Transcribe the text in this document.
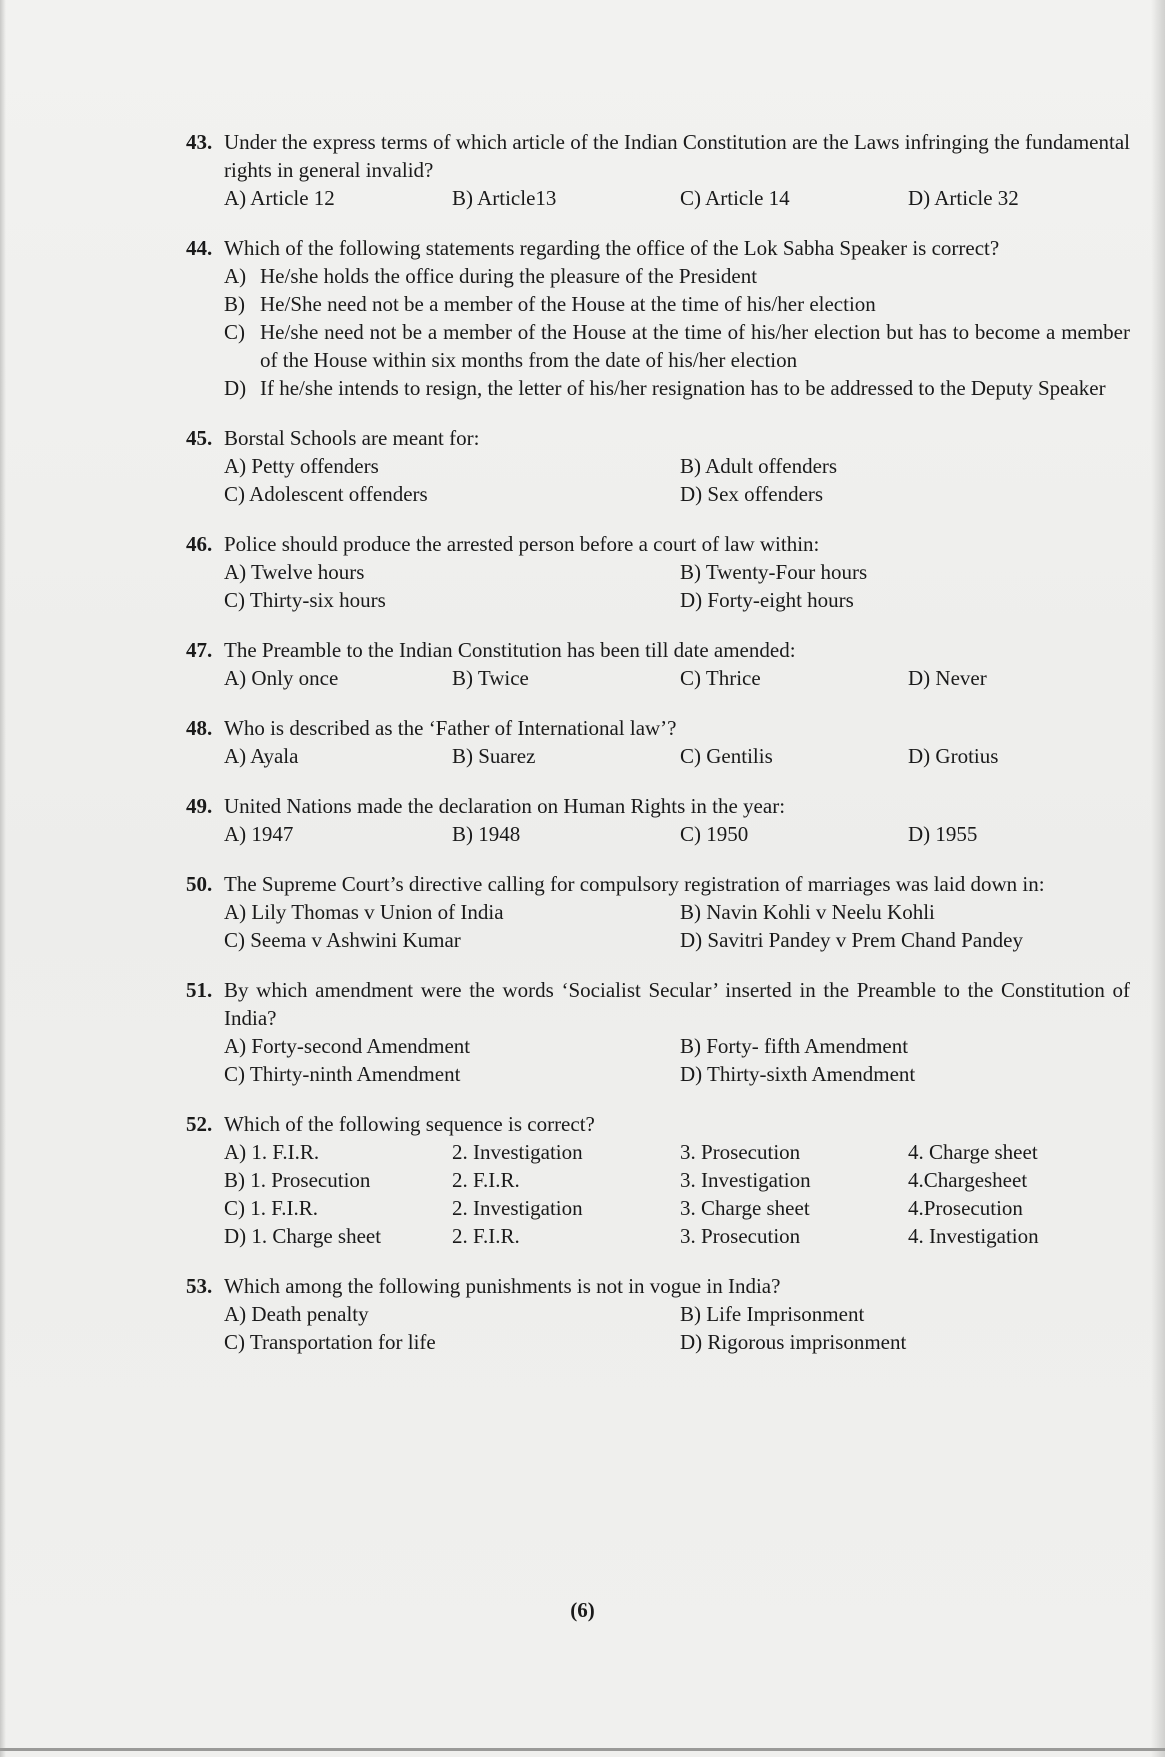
43. Under the express terms of which article of the Indian Constitution are the Laws infringing the fundamental rights in general invalid?
A) Article 12	B) Article13	C) Article 14	D) Article 32
44. Which of the following statements regarding the office of the Lok Sabha Speaker is correct?
A) He/she holds the office during the pleasure of the President
B) He/She need not be a member of the House at the time of his/her election
C) He/she need not be a member of the House at the time of his/her election but has to become a member of the House within six months from the date of his/her election
D) If he/she intends to resign, the letter of his/her resignation has to be addressed to the Deputy Speaker
45. Borstal Schools are meant for:
A) Petty offenders	B) Adult offenders
C) Adolescent offenders	D) Sex offenders
46. Police should produce the arrested person before a court of law within:
A) Twelve hours	B) Twenty-Four hours
C) Thirty-six hours	D) Forty-eight hours
47. The Preamble to the Indian Constitution has been till date amended:
A) Only once	B) Twice	C) Thrice	D) Never
48. Who is described as the ‘Father of International law’?
A) Ayala	B) Suarez	C) Gentilis	D) Grotius
49. United Nations made the declaration on Human Rights in the year:
A) 1947	B) 1948	C) 1950	D) 1955
50. The Supreme Court’s directive calling for compulsory registration of marriages was laid down in:
A) Lily Thomas v Union of India	B) Navin Kohli v Neelu Kohli
C) Seema v Ashwini Kumar	D) Savitri Pandey v Prem Chand Pandey
51. By which amendment were the words ‘Socialist Secular’ inserted in the Preamble to the Constitution of India?
A) Forty-second Amendment	B) Forty- fifth Amendment
C) Thirty-ninth Amendment	D) Thirty-sixth Amendment
52. Which of the following sequence is correct?
A) 1. F.I.R.	2. Investigation	3. Prosecution	4. Charge sheet
B) 1. Prosecution	2. F.I.R.	3. Investigation	4.Chargesheet
C) 1. F.I.R.	2. Investigation	3. Charge sheet	4.Prosecution
D) 1. Charge sheet	2. F.I.R.	3. Prosecution	4. Investigation
53. Which among the following punishments is not in vogue in India?
A) Death penalty	B) Life Imprisonment
C) Transportation for life	D) Rigorous imprisonment
(6)
